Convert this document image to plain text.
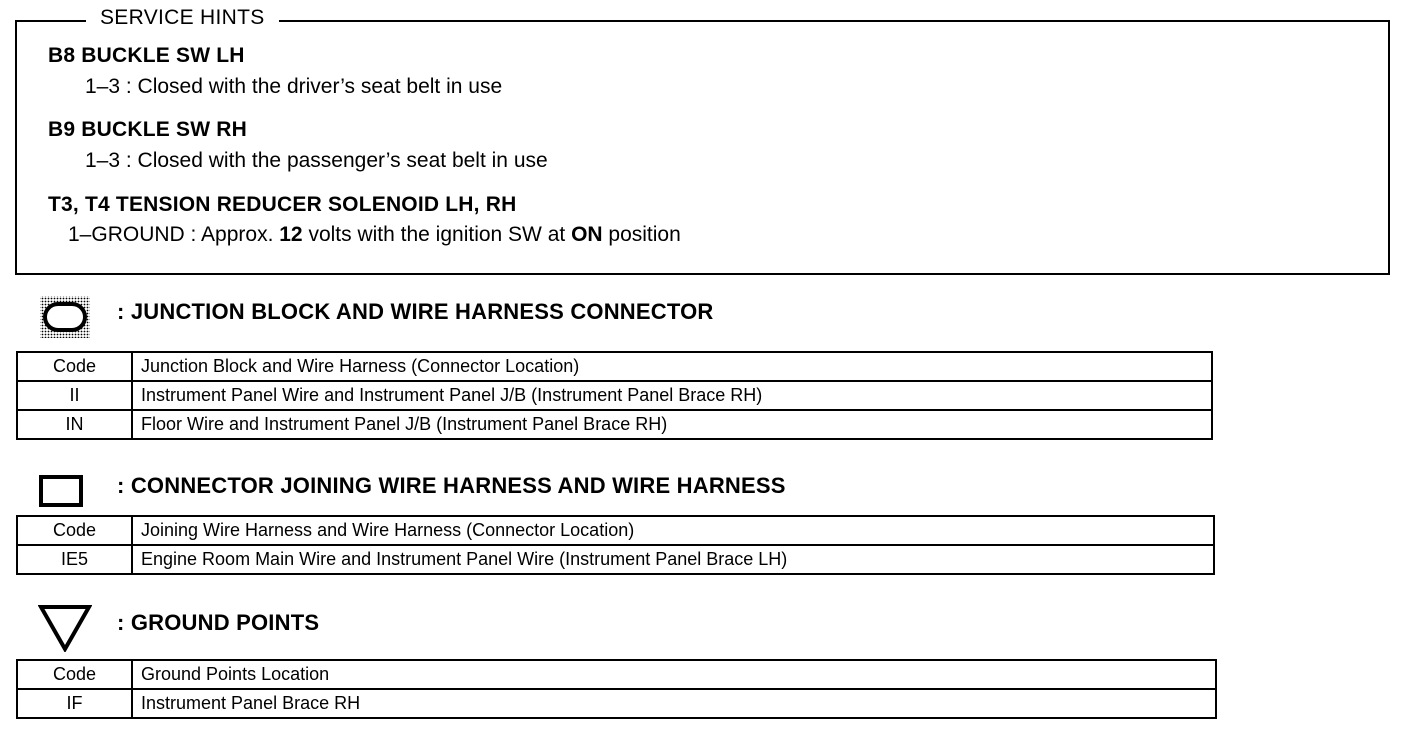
SERVICE HINTS
B8 BUCKLE SW LH
1–3 : Closed with the driver’s seat belt in use
B9 BUCKLE SW RH
1–3 : Closed with the passenger’s seat belt in use
T3, T4 TENSION REDUCER SOLENOID LH, RH
1–GROUND : Approx. 12 volts with the ignition SW at ON position
: JUNCTION BLOCK AND WIRE HARNESS CONNECTOR
Code	Junction Block and Wire Harness (Connector Location)
II	Instrument Panel Wire and Instrument Panel J/B (Instrument Panel Brace RH)
IN	Floor Wire and Instrument Panel J/B (Instrument Panel Brace RH)
: CONNECTOR JOINING WIRE HARNESS AND WIRE HARNESS
Code	Joining Wire Harness and Wire Harness (Connector Location)
IE5	Engine Room Main Wire and Instrument Panel Wire (Instrument Panel Brace LH)
: GROUND POINTS
Code	Ground Points Location
IF	Instrument Panel Brace RH
